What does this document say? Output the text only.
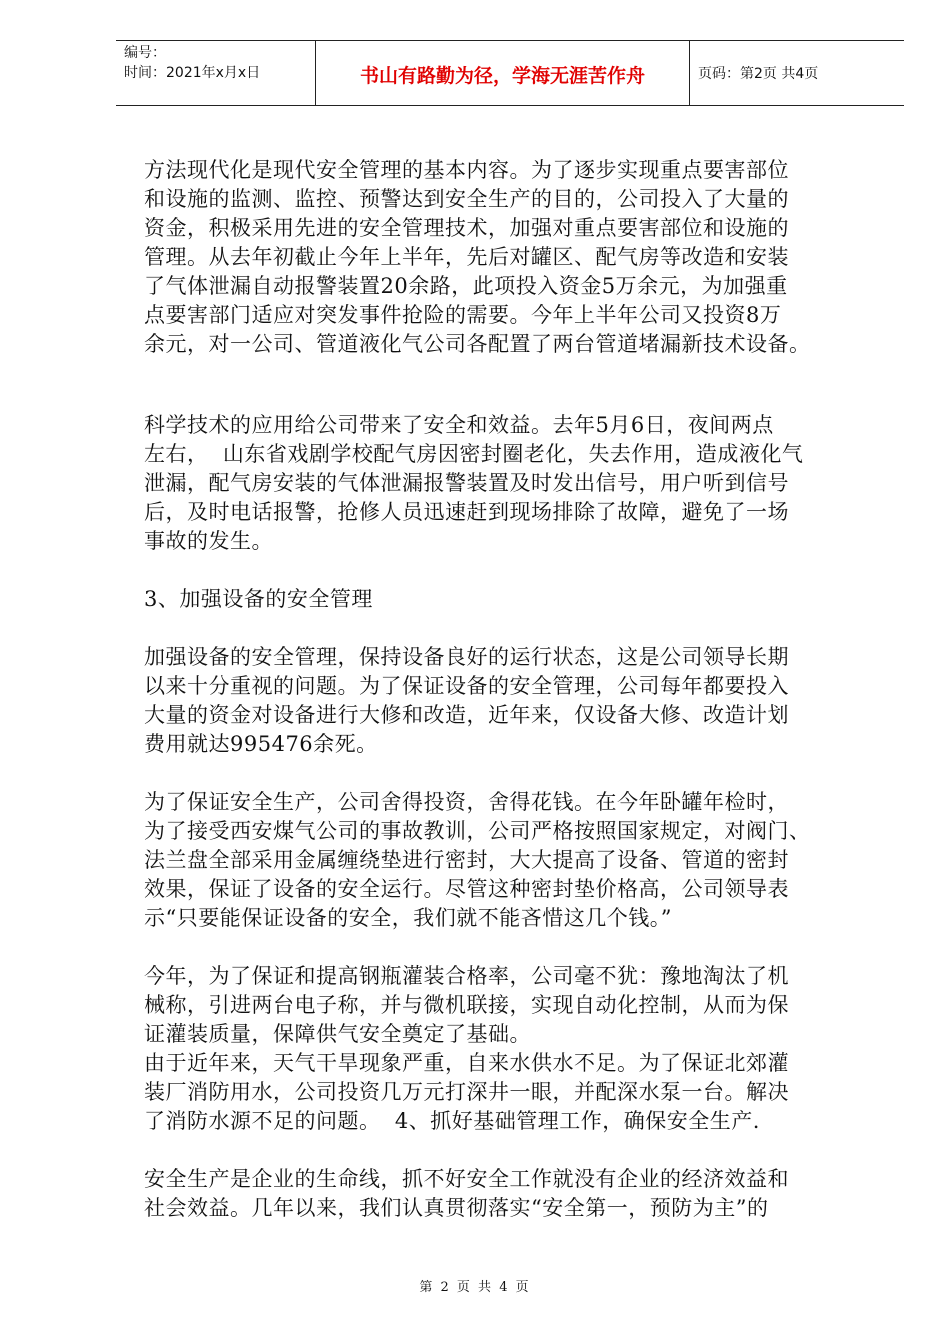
编号：
时间：2021年x月x日	书山有路勤为径，学海无涯苦作舟	页码：第2页 共4页

方法现代化是现代安全管理的基本内容。为了逐步实现重点要害部位
和设施的监测、监控、预警达到安全生产的目的，公司投入了大量的
资金，积极采用先进的安全管理技术，加强对重点要害部位和设施的
管理。从去年初截止今年上半年，先后对罐区、配气房等改造和安装
了气体泄漏自动报警装置20余路，此项投入资金5万余元，为加强重
点要害部门适应对突发事件抢险的需要。今年上半年公司又投资8万
余元，对一公司、管道液化气公司各配置了两台管道堵漏新技术设备。

科学技术的应用给公司带来了安全和效益。去年5月6日，夜间两点
左右，  山东省戏剧学校配气房因密封圈老化，失去作用，造成液化气
泄漏，配气房安装的气体泄漏报警装置及时发出信号，用户听到信号
后，及时电话报警，抢修人员迅速赶到现场排除了故障，避免了一场
事故的发生。

3、加强设备的安全管理

加强设备的安全管理，保持设备良好的运行状态，这是公司领导长期
以来十分重视的问题。为了保证设备的安全管理，公司每年都要投入
大量的资金对设备进行大修和改造，近年来，仅设备大修、改造计划
费用就达995476余死。

为了保证安全生产，公司舍得投资，舍得花钱。在今年卧罐年检时，
为了接受西安煤气公司的事故教训，公司严格按照国家规定，对阀门、
法兰盘全部采用金属缠绕垫进行密封，大大提高了设备、管道的密封
效果，保证了设备的安全运行。尽管这种密封垫价格高，公司领导表
示“只要能保证设备的安全，我们就不能吝惜这几个钱。”

今年，为了保证和提高钢瓶灌装合格率，公司毫不犹：豫地淘汰了机
械称，引进两台电子称，并与微机联接，实现自动化控制，从而为保
证灌装质量，保障供气安全奠定了基础。

由于近年来，天气干旱现象严重，自来水供水不足。为了保证北郊灌
装厂消防用水，公司投资几万元打深井一眼，并配深水泵一台。解决
了消防水源不足的问题。  4、抓好基础管理工作，确保安全生产.

安全生产是企业的生命线，抓不好安全工作就没有企业的经济效益和
社会效益。几年以来，我们认真贯彻落实“安全第一，预防为主”的

第 2 页 共 4 页
